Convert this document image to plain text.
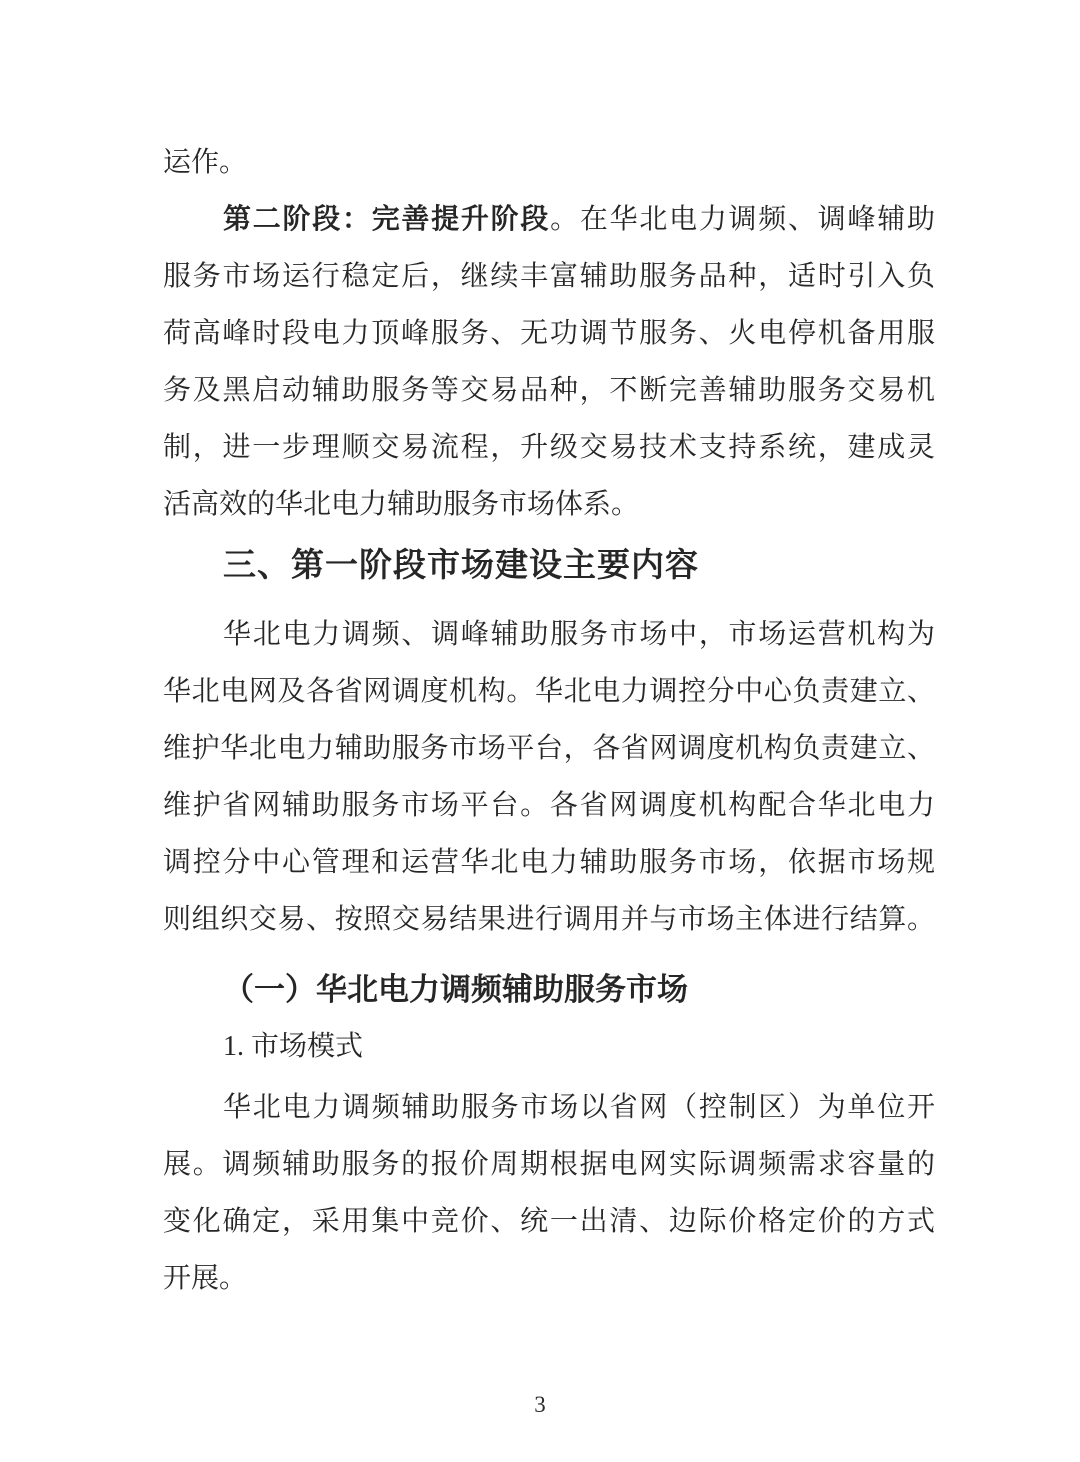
运作。
第二阶段：完善提升阶段。在华北电力调频、调峰辅助
服务市场运行稳定后，继续丰富辅助服务品种，适时引入负
荷高峰时段电力顶峰服务、无功调节服务、火电停机备用服
务及黑启动辅助服务等交易品种，不断完善辅助服务交易机
制，进一步理顺交易流程，升级交易技术支持系统，建成灵
活高效的华北电力辅助服务市场体系。
三、第一阶段市场建设主要内容
华北电力调频、调峰辅助服务市场中，市场运营机构为
华北电网及各省网调度机构。华北电力调控分中心负责建立、
维护华北电力辅助服务市场平台，各省网调度机构负责建立、
维护省网辅助服务市场平台。各省网调度机构配合华北电力
调控分中心管理和运营华北电力辅助服务市场，依据市场规
则组织交易、按照交易结果进行调用并与市场主体进行结算。
（一）华北电力调频辅助服务市场
1. 市场模式
华北电力调频辅助服务市场以省网（控制区）为单位开
展。调频辅助服务的报价周期根据电网实际调频需求容量的
变化确定，采用集中竞价、统一出清、边际价格定价的方式
开展。
3
